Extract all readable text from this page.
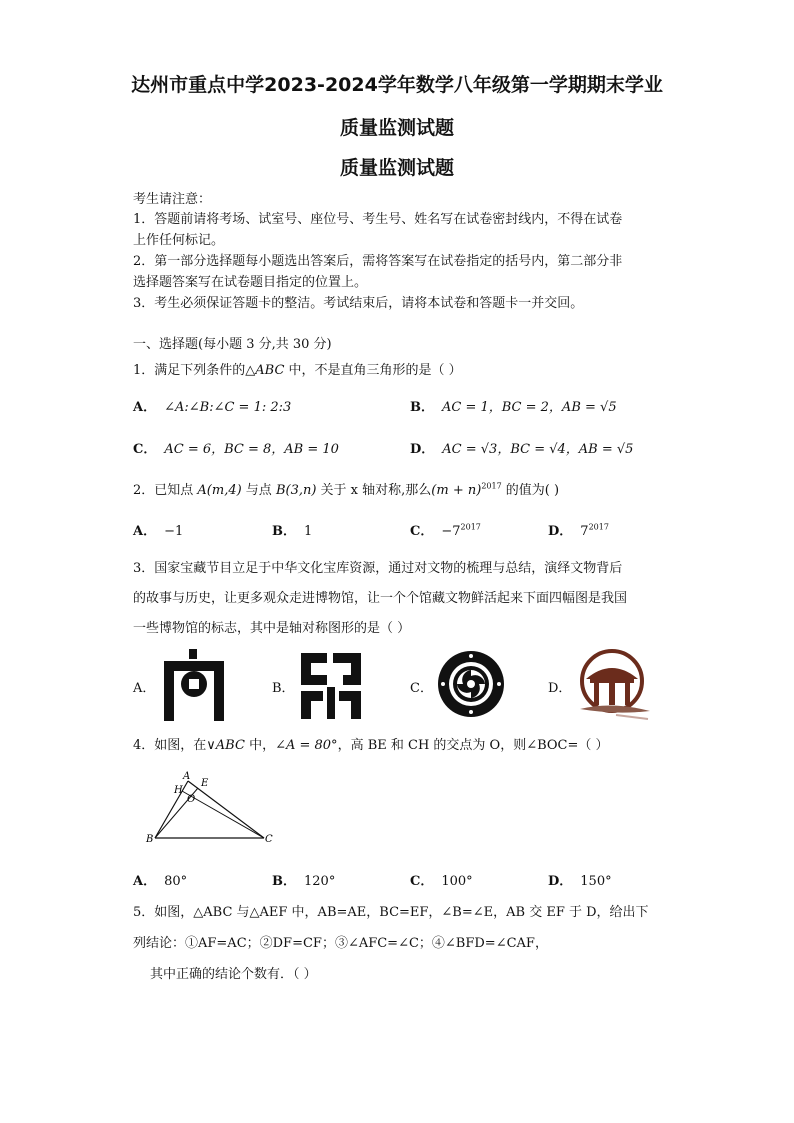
达州市重点中学2023-2024学年数学八年级第一学期期末学业
质量监测试题
质量监测试题
考生请注意：
1．答题前请将考场、试室号、座位号、考生号、姓名写在试卷密封线内，不得在试卷
上作任何标记。
2．第一部分选择题每小题选出答案后，需将答案写在试卷指定的括号内，第二部分非
选择题答案写在试卷题目指定的位置上。
3．考生必须保证答题卡的整洁。考试结束后，请将本试卷和答题卡一并交回。
一、选择题(每小题 3 分,共 30 分)
1．满足下列条件的△ABC 中，不是直角三角形的是（ ）
A． ∠A:∠B:∠C = 1: 2:3	B． AC = 1，BC = 2，AB = √5
C． AC = 6，BC = 8，AB = 10	D． AC = √3，BC = √4，AB = √5
2．已知点 A(m,4) 与点 B(3,n) 关于 x 轴对称,那么$(m + n)^{2017}$ 的值为( )
A． −1	B． 1	C． $-7^{2017}$	D． $7^{2017}$
3．国家宝藏节目立足于中华文化宝库资源，通过对文物的梳理与总结，演绎文物背后
的故事与历史，让更多观众走进博物馆，让一个个馆藏文物鲜活起来下面四幅图是我国
一些博物馆的标志，其中是轴对称图形的是（ ）
A．	B．	C．	D．
4．如图，在∨ABC 中，∠A = 80°，高 BE 和 CH 的交点为 O，则∠BOC=（ ）
A
E
H
O
B	C
A． 80°	B． 120°	C． 100°	D． 150°
5．如图，△ABC 与△AEF 中，AB=AE，BC=EF，∠B=∠E，AB 交 EF 于 D，给出下
列结论：①AF=AC；②DF=CF；③∠AFC=∠C；④∠BFD=∠CAF，
其中正确的结论个数有．（ ）
